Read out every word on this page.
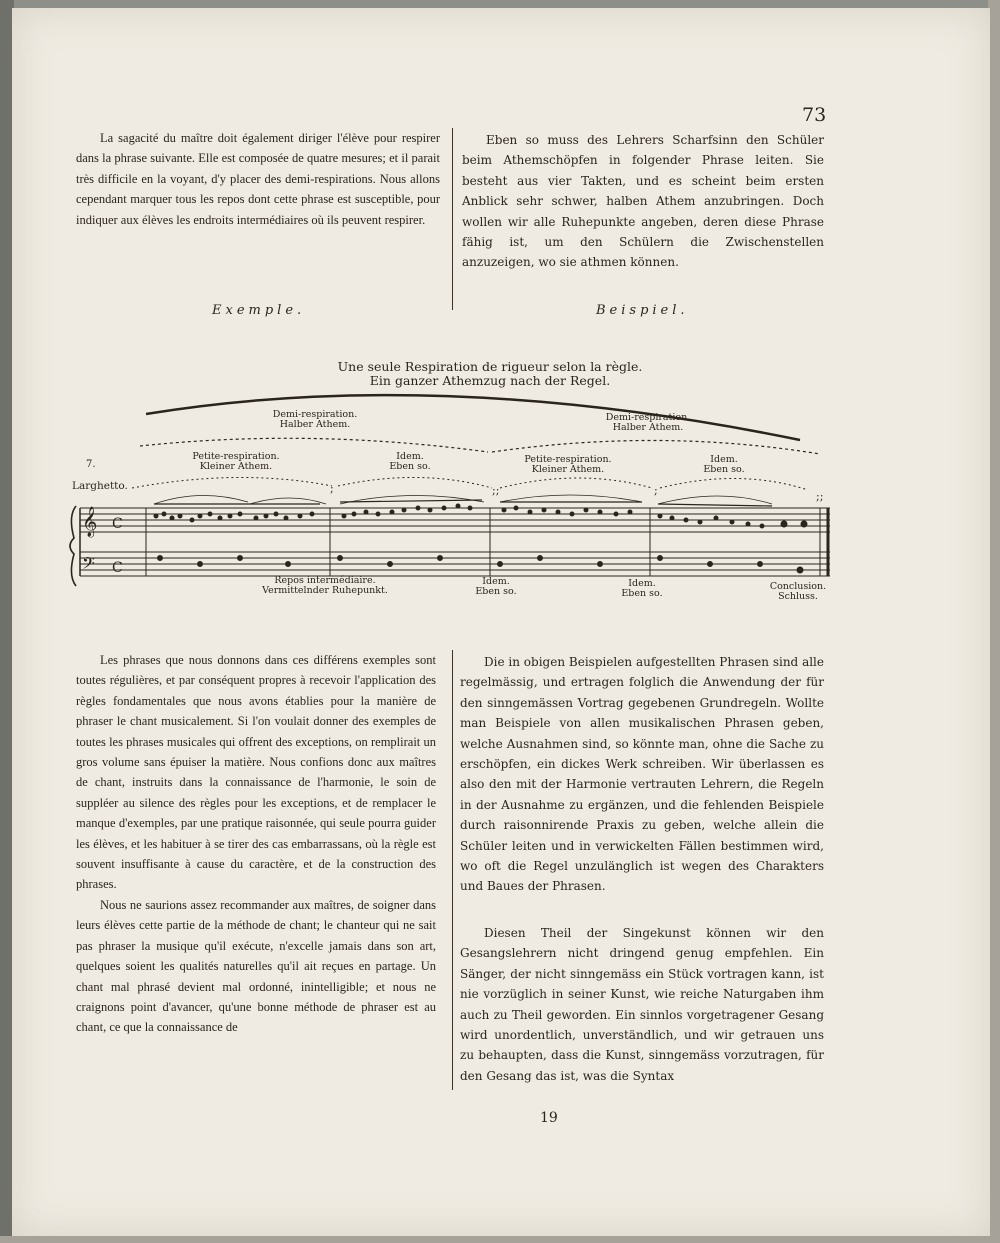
73

La sagacité du maître doit également diriger l'élève pour respirer dans la phrase suivante. Elle est composée de quatre mesures; et il parait très difficile en la voyant, d'y placer des demi-respirations. Nous allons cependant marquer tous les repos dont cette phrase est susceptible, pour indiquer aux élèves les endroits intermédiaires où ils peuvent respirer.

Eben so muss des Lehrers Scharfsinn den Schüler beim Athemschöpfen in folgender Phrase leiten. Sie besteht aus vier Takten, und es scheint beim ersten Anblick sehr schwer, halben Athem anzubringen. Doch wollen wir alle Ruhepunkte angeben, deren diese Phrase fähig ist, um den Schülern die Zwischenstellen anzuzeigen, wo sie athmen können.

Exemple.	Beispiel.
Une seule Respiration de rigueur selon la règle.
Ein ganzer Athemzug nach der Regel.
7.
Larghetto.
Demi-respiration.
Halber Athem.
Demi-respiration.
Halber Athem.
Petite-respiration.
Kleiner Athem.
Petite-respiration.
Kleiner Athem.
Idem.
Eben so.
Idem.
Eben so.
𝄞 C
𝄢 C
;	;;	;	;;
Repos intermédiaire.
Vermittelnder Ruhepunkt.
Idem.
Eben so.
Idem.
Eben so.
Conclusion.
Schluss.

Les phrases que nous donnons dans ces différens exemples sont toutes régulières, et par conséquent propres à recevoir l'application des règles fondamentales que nous avons établies pour la manière de phraser le chant musicalement. Si l'on voulait donner des exemples de toutes les phrases musicales qui offrent des exceptions, on remplirait un gros volume sans épuiser la matière. Nous confions donc aux maîtres de chant, instruits dans la connaissance de l'harmonie, le soin de suppléer au silence des règles pour les exceptions, et de remplacer le manque d'exemples, par une pratique raisonnée, qui seule pourra guider les élèves, et les habituer à se tirer des cas embarrassans, où la règle est souvent insuffisante à cause du caractère, et de la construction des phrases.

Nous ne saurions assez recommander aux maîtres, de soigner dans leurs élèves cette partie de la méthode de chant; le chanteur qui ne sait pas phraser la musique qu'il exécute, n'excelle jamais dans son art, quelques soient les qualités naturelles qu'il ait reçues en partage. Un chant mal phrasé devient mal ordonné, inintelligible; et nous ne craignons point d'avancer, qu'une bonne méthode de phraser est au chant, ce que la connaissance de

Die in obigen Beispielen aufgestellten Phrasen sind alle regelmässig, und ertragen folglich die Anwendung der für den sinngemässen Vortrag gegebenen Grundregeln. Wollte man Beispiele von allen musikalischen Phrasen geben, welche Ausnahmen sind, so könnte man, ohne die Sache zu erschöpfen, ein dickes Werk schreiben. Wir überlassen es also den mit der Harmonie vertrauten Lehrern, die Regeln in der Ausnahme zu ergänzen, und die fehlenden Beispiele durch raisonnirende Praxis zu geben, welche allein die Schüler leiten und in verwickelten Fällen bestimmen wird, wo oft die Regel unzulänglich ist wegen des Charakters und Baues der Phrasen.

Diesen Theil der Singekunst können wir den Gesangslehrern nicht dringend genug empfehlen. Ein Sänger, der nicht sinngemäss ein Stück vortragen kann, ist nie vorzüglich in seiner Kunst, wie reiche Naturgaben ihm auch zu Theil geworden. Ein sinnlos vorgetragener Gesang wird unordentlich, unverständlich, und wir getrauen uns zu behaupten, dass die Kunst, sinngemäss vorzutragen, für den Gesang das ist, was die Syntax

19
